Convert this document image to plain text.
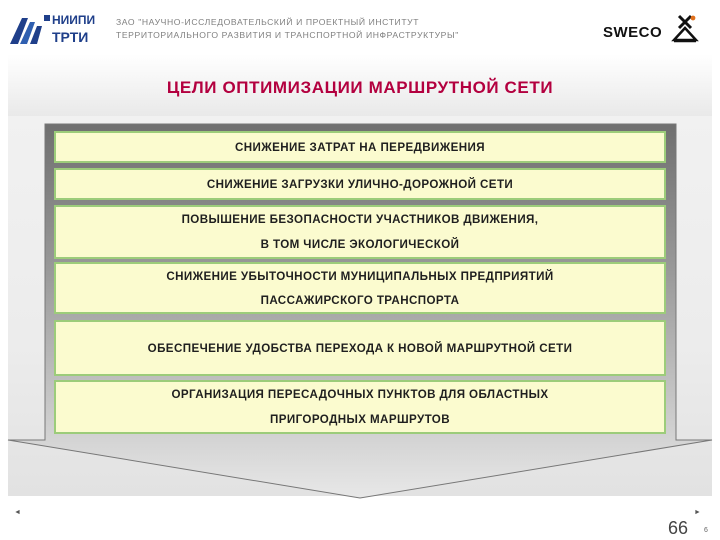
НИИПИ
ТРТИ
ЗАО "НАУЧНО-ИССЛЕДОВАТЕЛЬСКИЙ И ПРОЕКТНЫЙ ИНСТИТУТ
ТЕРРИТОРИАЛЬНОГО РАЗВИТИЯ И ТРАНСПОРТНОЙ ИНФРАСТРУКТУРЫ"	SWECO
ЦЕЛИ ОПТИМИЗАЦИИ МАРШРУТНОЙ СЕТИ
СНИЖЕНИЕ ЗАТРАТ НА ПЕРЕДВИЖЕНИЯ
СНИЖЕНИЕ ЗАГРУЗКИ УЛИЧНО-ДОРОЖНОЙ СЕТИ
ПОВЫШЕНИЕ БЕЗОПАСНОСТИ УЧАСТНИКОВ ДВИЖЕНИЯ,
В ТОМ ЧИСЛЕ ЭКОЛОГИЧЕСКОЙ
СНИЖЕНИЕ УБЫТОЧНОСТИ МУНИЦИПАЛЬНЫХ ПРЕДПРИЯТИЙ
ПАССАЖИРСКОГО ТРАНСПОРТА
ОБЕСПЕЧЕНИЕ УДОБСТВА ПЕРЕХОДА К НОВОЙ МАРШРУТНОЙ СЕТИ
ОРГАНИЗАЦИЯ ПЕРЕСАДОЧНЫХ ПУНКТОВ ДЛЯ ОБЛАСТНЫХ
ПРИГОРОДНЫХ МАРШРУТОВ
◄	►
66 6
